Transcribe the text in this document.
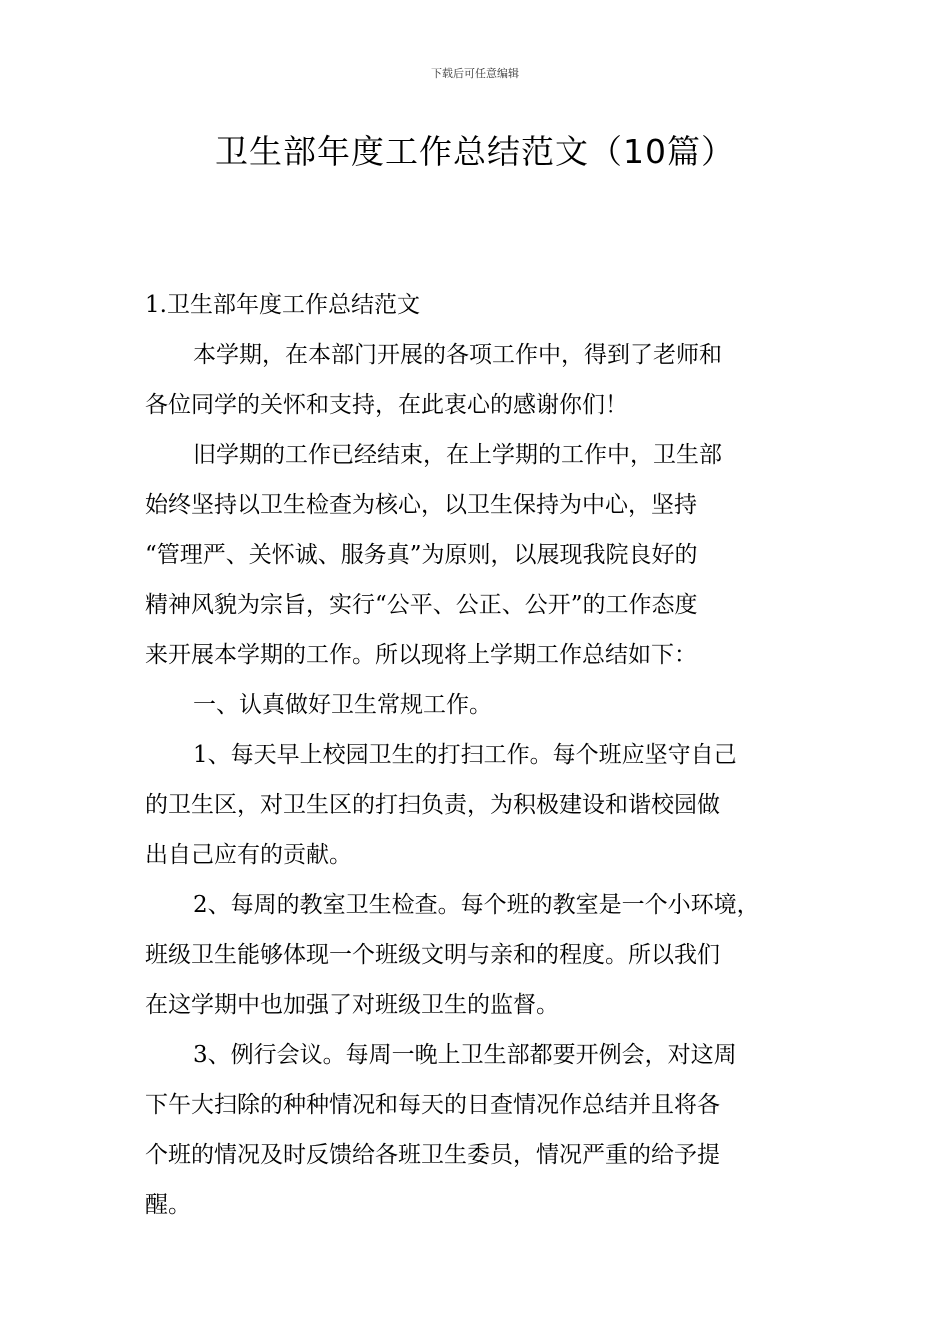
下载后可任意编辑
卫生部年度工作总结范文（10篇）
1.卫生部年度工作总结范文

本学期，在本部门开展的各项工作中，得到了老师和
各位同学的关怀和支持，在此衷心的感谢你们！

旧学期的工作已经结束，在上学期的工作中，卫生部
始终坚持以卫生检查为核心，以卫生保持为中心，坚持
“管理严、关怀诚、服务真”为原则，以展现我院良好的
精神风貌为宗旨，实行“公平、公正、公开”的工作态度
来开展本学期的工作。所以现将上学期工作总结如下：

一、认真做好卫生常规工作。

1、每天早上校园卫生的打扫工作。每个班应坚守自己
的卫生区，对卫生区的打扫负责，为积极建设和谐校园做
出自己应有的贡献。

2、每周的教室卫生检查。每个班的教室是一个小环境，
班级卫生能够体现一个班级文明与亲和的程度。所以我们
在这学期中也加强了对班级卫生的监督。

3、例行会议。每周一晚上卫生部都要开例会，对这周
下午大扫除的种种情况和每天的日查情况作总结并且将各
个班的情况及时反馈给各班卫生委员，情况严重的给予提
醒。
